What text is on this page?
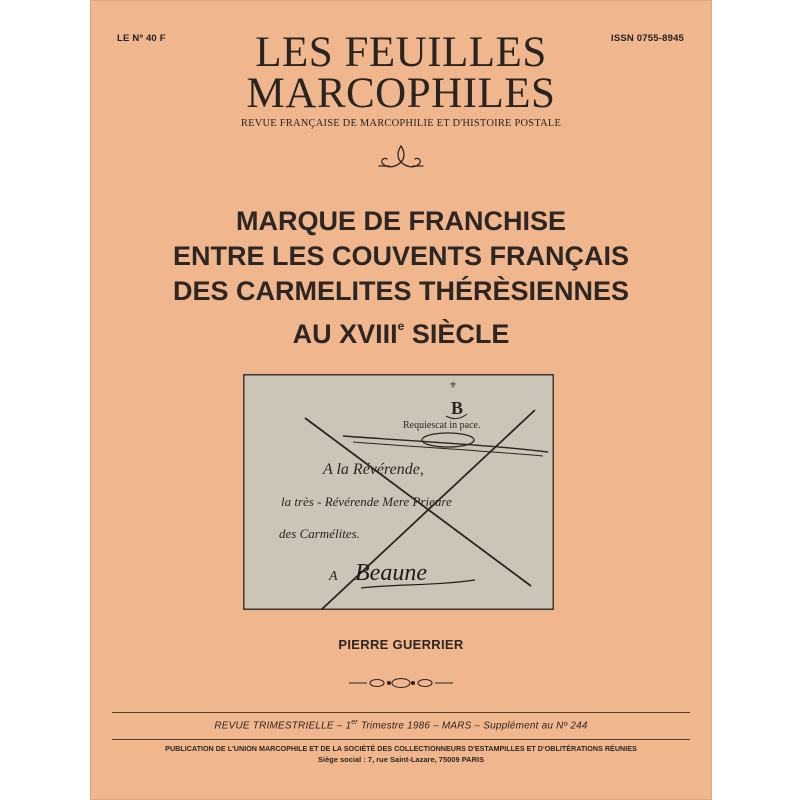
LE Nº 40 F	ISSN 0755-8945
LES FEUILLES
MARCOPHILES
REVUE FRANÇAISE DE MARCOPHILIE ET D'HISTOIRE POSTALE
MARQUE DE FRANCHISE
ENTRE LES COUVENTS FRANÇAIS
DES CARMELITES THÉRÈSIENNES
AU XVIIIe SIÈCLE
⚜
B
Requiescat in pace.
A la Révérende,
la très - Révérende Mere Prieure
des Carmélites.
A Beaune
PIERRE GUERRIER
REVUE TRIMESTRIELLE – 1er Trimestre 1986 – MARS – Supplément au Nº 244
PUBLICATION DE L'UNION MARCOPHILE ET DE LA SOCIÉTÉ DES COLLECTIONNEURS D'ESTAMPILLES ET D'OBLITÉRATIONS RÉUNIES
Siège social : 7, rue Saint-Lazare, 75009 PARIS
